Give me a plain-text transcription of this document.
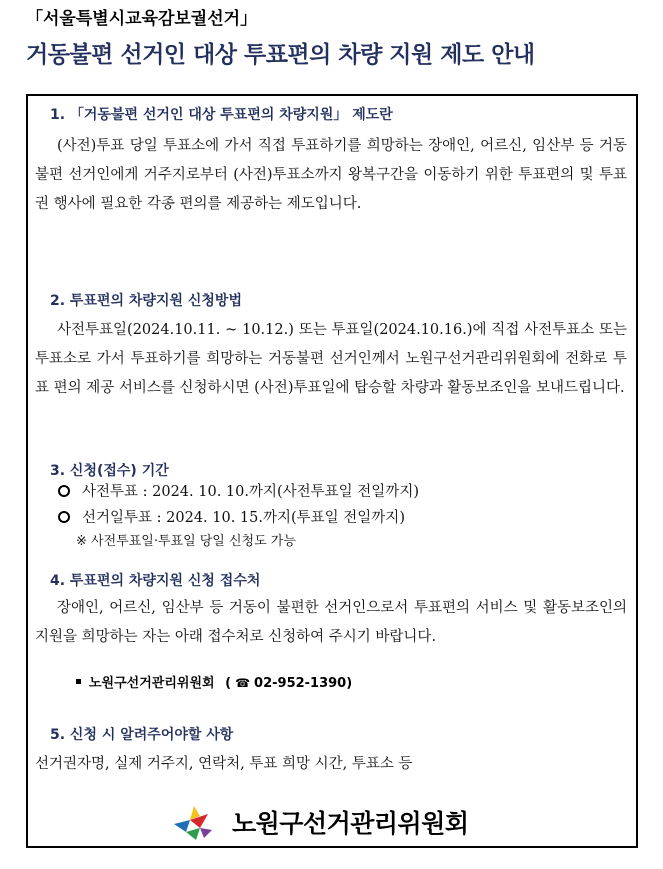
「서울특별시교육감보궐선거」
거동불편 선거인 대상 투표편의 차량 지원 제도 안내
1. 「거동불편 선거인 대상 투표편의 차량지원」 제도란
(사전)투표 당일 투표소에 가서 직접 투표하기를 희망하는 장애인, 어르신, 임산부 등 거동불편 선거인에게 거주지로부터 (사전)투표소까지 왕복구간을 이동하기 위한 투표편의 및 투표권 행사에 필요한 각종 편의를 제공하는 제도입니다.
2. 투표편의 차량지원 신청방법
사전투표일(2024.10.11. ~ 10.12.) 또는 투표일(2024.10.16.)에 직접 사전투표소 또는 투표소로 가서 투표하기를 희망하는 거동불편 선거인께서 노원구선거관리위원회에 전화로 투표 편의 제공 서비스를 신청하시면 (사전)투표일에 탑승할 차량과 활동보조인을 보내드립니다.
3. 신청(접수) 기간
사전투표 : 2024. 10. 10.까지(사전투표일 전일까지)
선거일투표 : 2024. 10. 15.까지(투표일 전일까지)
※ 사전투표일·투표일 당일 신청도 가능
4. 투표편의 차량지원 신청 접수처
장애인, 어르신, 임산부 등 거동이 불편한 선거인으로서 투표편의 서비스 및 활동보조인의 지원을 희망하는 자는 아래 접수처로 신청하여 주시기 바랍니다.
노원구선거관리위원회 ( ☎ 02-952-1390)
5. 신청 시 알려주어야할 사항
선거권자명, 실제 거주지, 연락처, 투표 희망 시간, 투표소 등
노원구선거관리위원회
